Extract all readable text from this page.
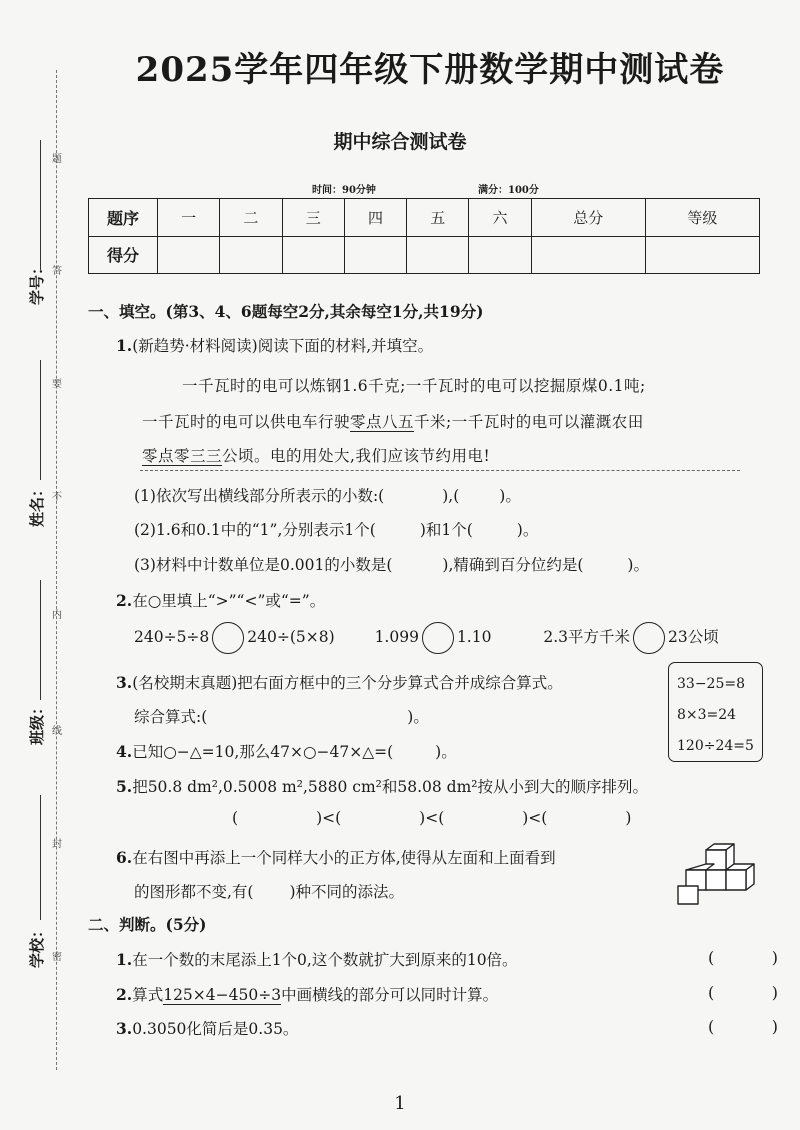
学号：
姓名：
班级：
学校：
题
答
要
不
内
线
封
密
2025学年四年级下册数学期中测试卷
期中综合测试卷
时间：90分钟	满分：100分
题序	一	二	三	四	五	六	总分	等级
得分								
一、填空。(第3、4、6题每空2分,其余每空1分,共19分)
1.(新趋势·材料阅读)阅读下面的材料,并填空。
一千瓦时的电可以炼钢1.6千克;一千瓦时的电可以挖掘原煤0.1吨;
一千瓦时的电可以供电车行驶零点八五千米;一千瓦时的电可以灌溉农田
零点零三三公顷。电的用处大,我们应该节约用电!
(1)依次写出横线部分所表示的小数:(	),(	)。
(2)1.6和0.1中的“1”,分别表示1个(	)和1个(	)。
(3)材料中计数单位是0.001的小数是(	),精确到百分位约是(	)。
2.在○里填上“>”“<”或“=”。
240÷5÷8 240÷(5×8)	1.099 1.10	2.3平方千米 23公顷
3.(名校期末真题)把右面方框中的三个分步算式合并成综合算式。
综合算式:(	)。
33−25=8
8×3=24
120÷24=5
4.已知○−△=10,那么47×○−47×△=(	)。
5.把50.8 dm²,0.5008 m²,5880 cm²和58.08 dm²按从小到大的顺序排列。
(	)<(	)<(	)<(	)
6.在右图中再添上一个同样大小的正方体,使得从左面和上面看到
的图形都不变,有( )种不同的添法。
二、判断。(5分)
1.在一个数的末尾添上1个0,这个数就扩大到原来的10倍。	(	)
2.算式125×4−450÷3中画横线的部分可以同时计算。	(	)
3.0.3050化简后是0.35。	(	)
1
